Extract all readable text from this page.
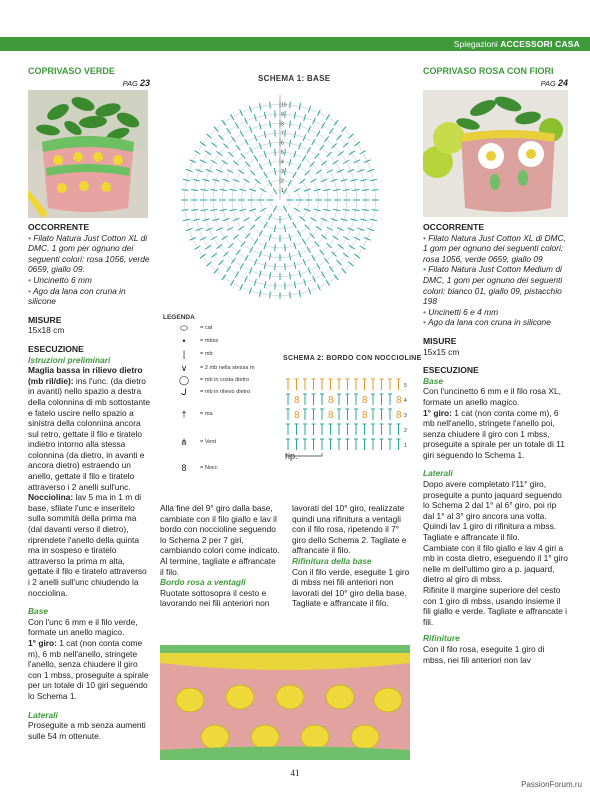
Spiegazioni ACCESSORI CASA
COPRIVASO VERDE
PAG 23

OCCORRENTE

• Filato Natura Just Cotton XL di DMC, 1 gom per ognuno dei seguenti colori: rosa 1056, verde 0659, giallo 09.

• Uncinetto 6 mm

• Ago da lana con cruna in silicone

MISURE

15x18 cm

ESECUZIONE

Istruzioni preliminari

Maglia bassa in rilievo dietro (mb ril/die): ins l'unc. (da dietro in avanti) nello spazio a destra della colonnina di mb sottostante e fatelo uscire nello spazio a sinistra della colonnina ancora sul retro, gettate il filo e tiratelo indietro intorno alla stessa colonnina (da dietro, in avanti e ancora dietro) estraendo un anello, gettate il filo e tiratelo attraverso i 2 anelli sull'unc.

Nocciolina: lav 5 ma in 1 m di base, sfilate l'unc e inseritelo sulla sommità della prima ma (dal davanti verso il dietro), riprendete l'anello della quinta ma in sospeso e tiratelo attraverso la prima m alta, gettate il filo e tiratelo attraverso i 2 anelli sull'unc chiudendo la nocciolina.

Base

Con l'unc 6 mm e il filo verde, formate un anello magico.

1° giro: 1 cat (non conta come m), 6 mb nell'anello, stringete l'anello, senza chiudere il giro con 1 mbss, proseguite a spirale per un totale di 10 giri seguendo lo Schema 1.

Laterali

Proseguite a mb senza aumenti sulle 54 m ottenute.

SCHEMA 1: BASE
1
2
3
4
5
6
7
8
9
10
LEGENDA
⬭	= cat
•	= mbss
|	= mb
∨	= 2 mb nella stessa m
◯	= mb in costa dietro
ᒍ	= mb in rilievo dietro
†	= ma
⋔	= Vent
8	= Nocc
SCHEMA 2: BORDO CON NOCCIOLINE
1
2
8	8	8	8 3
8	8	8	8 4
5
rip.

Alla fine del 9° giro dalla base, cambiate con il filo giallo e lav il bordo con noccioline seguendo lo Schema 2 per 7 giri, cambiando colori come indicato.

Al termine, tagliate e affrancate il filo.

Bordo rosa a ventagli

Ruotate sottosopra il cesto e lavorando nei fili anteriori non

lavorati del 10° giro, realizzate quindi una rifinitura a ventagli con il filo rosa, ripetendo il 7° giro dello Schema 2. Tagliate e affrancate il filo.

Rifinitura della base

Con il filo verde, eseguite 1 giro di mbss nei fili anteriori non lavorati del 10° giro della base. Tagliate e affrancate il filo.

COPRIVASO ROSA CON FIORI
PAG 24

OCCORRENTE

• Filato Natura Just Cotton XL di DMC, 1 gom per ognuno dei seguenti colori: rosa 1056, verde 0659, giallo 09

• Filato Natura Just Cotton Medium di DMC, 1 gom per ognuno dei seguenti colori: bianco 01, giallo 09, pistacchio 198

• Uncinetti 6 e 4 mm

• Ago da lana con cruna in silicone

MISURE

15x15 cm

ESECUZIONE

Base

Con l'uncinetto 6 mm e il filo rosa XL, formate un anello magico.

1° giro: 1 cat (non conta come m), 6 mb nell'anello, stringete l'anello poi, senza chiudere il giro con 1 mbss, proseguite a spirale per un totale di 11 giri seguendo lo Schema 1.

Laterali

Dopo avere completato l'11° giro, proseguite a punto jaquard seguendo lo Schema 2 dal 1° al 6° giro, poi rip dal 1° al 3° giro ancora una volta. Quindi lav 1 giro di rifinitura a mbss. Tagliate e affrancate il filo.

Cambiate con il filo giallo e lav 4 giri a mb in costa dietro, eseguendo il 1° giro nelle m dell'ultimo giro a p. jaquard, dietro al giro di mbss.

Rifinite il margine superiore del cesto con 1 giro di mbss, usando insieme il fili giallo e verde. Tagliate e affrancate i fili.

Rifiniture

Con il filo rosa, eseguite 1 giro di mbss, nei fili anteriori non lav

41
PassionForum.ru
